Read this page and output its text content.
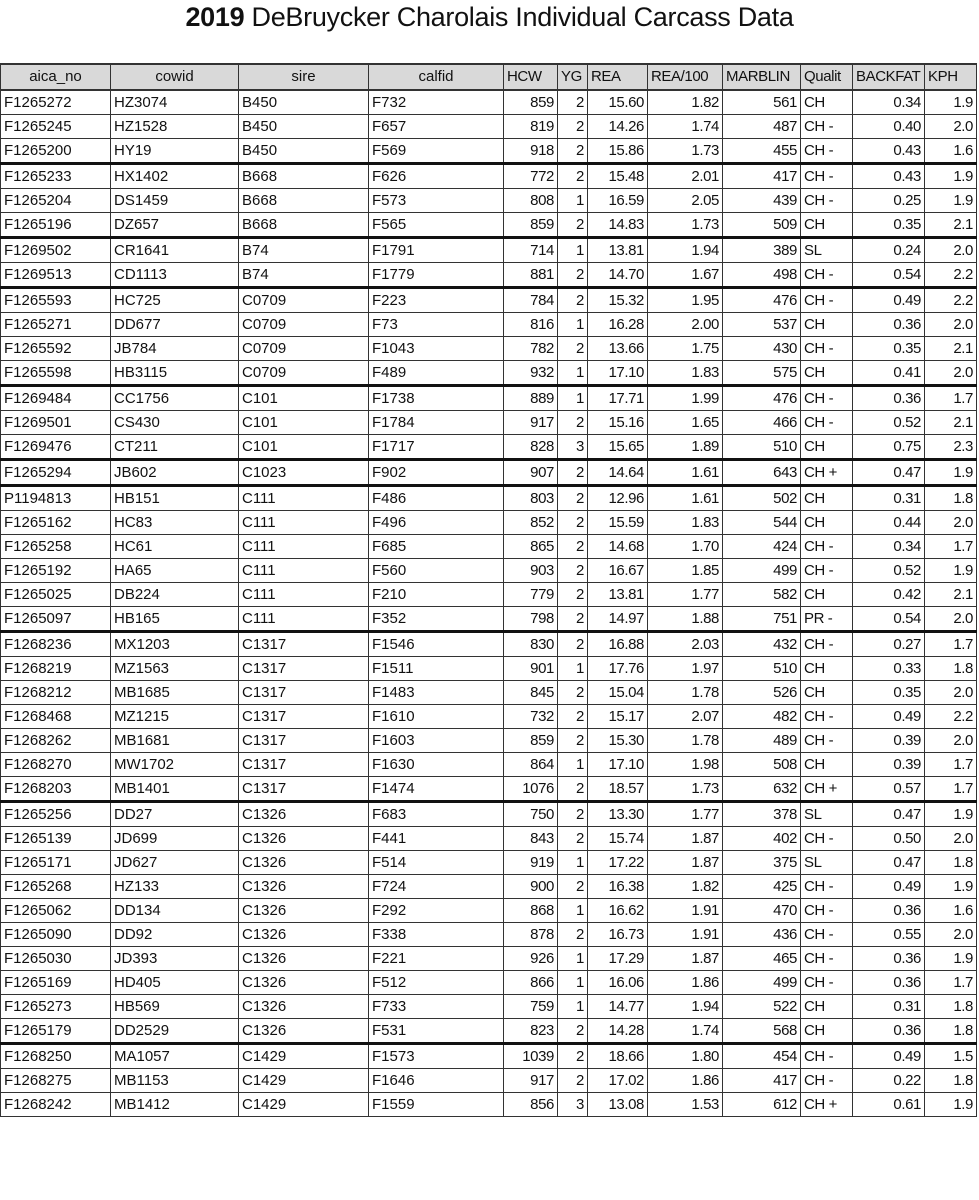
2019 DeBruycker Charolais Individual Carcass Data
aica_no	cowid	sire	calfid	HCW	YG	REA	REA/100	MARBLIN	Qualit	BACKFAT	KPH
F1265272	HZ3074	B450	F732	859	2	15.60	1.82	561	CH	0.34	1.9
F1265245	HZ1528	B450	F657	819	2	14.26	1.74	487	CH -	0.40	2.0
F1265200	HY19	B450	F569	918	2	15.86	1.73	455	CH -	0.43	1.6
F1265233	HX1402	B668	F626	772	2	15.48	2.01	417	CH -	0.43	1.9
F1265204	DS1459	B668	F573	808	1	16.59	2.05	439	CH -	0.25	1.9
F1265196	DZ657	B668	F565	859	2	14.83	1.73	509	CH	0.35	2.1
F1269502	CR1641	B74	F1791	714	1	13.81	1.94	389	SL	0.24	2.0
F1269513	CD1113	B74	F1779	881	2	14.70	1.67	498	CH -	0.54	2.2
F1265593	HC725	C0709	F223	784	2	15.32	1.95	476	CH -	0.49	2.2
F1265271	DD677	C0709	F73	816	1	16.28	2.00	537	CH	0.36	2.0
F1265592	JB784	C0709	F1043	782	2	13.66	1.75	430	CH -	0.35	2.1
F1265598	HB3115	C0709	F489	932	1	17.10	1.83	575	CH	0.41	2.0
F1269484	CC1756	C101	F1738	889	1	17.71	1.99	476	CH -	0.36	1.7
F1269501	CS430	C101	F1784	917	2	15.16	1.65	466	CH -	0.52	2.1
F1269476	CT211	C101	F1717	828	3	15.65	1.89	510	CH	0.75	2.3
F1265294	JB602	C1023	F902	907	2	14.64	1.61	643	CH +	0.47	1.9
P1194813	HB151	C111	F486	803	2	12.96	1.61	502	CH	0.31	1.8
F1265162	HC83	C111	F496	852	2	15.59	1.83	544	CH	0.44	2.0
F1265258	HC61	C111	F685	865	2	14.68	1.70	424	CH -	0.34	1.7
F1265192	HA65	C111	F560	903	2	16.67	1.85	499	CH -	0.52	1.9
F1265025	DB224	C111	F210	779	2	13.81	1.77	582	CH	0.42	2.1
F1265097	HB165	C111	F352	798	2	14.97	1.88	751	PR -	0.54	2.0
F1268236	MX1203	C1317	F1546	830	2	16.88	2.03	432	CH -	0.27	1.7
F1268219	MZ1563	C1317	F1511	901	1	17.76	1.97	510	CH	0.33	1.8
F1268212	MB1685	C1317	F1483	845	2	15.04	1.78	526	CH	0.35	2.0
F1268468	MZ1215	C1317	F1610	732	2	15.17	2.07	482	CH -	0.49	2.2
F1268262	MB1681	C1317	F1603	859	2	15.30	1.78	489	CH -	0.39	2.0
F1268270	MW1702	C1317	F1630	864	1	17.10	1.98	508	CH	0.39	1.7
F1268203	MB1401	C1317	F1474	1076	2	18.57	1.73	632	CH +	0.57	1.7
F1265256	DD27	C1326	F683	750	2	13.30	1.77	378	SL	0.47	1.9
F1265139	JD699	C1326	F441	843	2	15.74	1.87	402	CH -	0.50	2.0
F1265171	JD627	C1326	F514	919	1	17.22	1.87	375	SL	0.47	1.8
F1265268	HZ133	C1326	F724	900	2	16.38	1.82	425	CH -	0.49	1.9
F1265062	DD134	C1326	F292	868	1	16.62	1.91	470	CH -	0.36	1.6
F1265090	DD92	C1326	F338	878	2	16.73	1.91	436	CH -	0.55	2.0
F1265030	JD393	C1326	F221	926	1	17.29	1.87	465	CH -	0.36	1.9
F1265169	HD405	C1326	F512	866	1	16.06	1.86	499	CH -	0.36	1.7
F1265273	HB569	C1326	F733	759	1	14.77	1.94	522	CH	0.31	1.8
F1265179	DD2529	C1326	F531	823	2	14.28	1.74	568	CH	0.36	1.8
F1268250	MA1057	C1429	F1573	1039	2	18.66	1.80	454	CH -	0.49	1.5
F1268275	MB1153	C1429	F1646	917	2	17.02	1.86	417	CH -	0.22	1.8
F1268242	MB1412	C1429	F1559	856	3	13.08	1.53	612	CH +	0.61	1.9
